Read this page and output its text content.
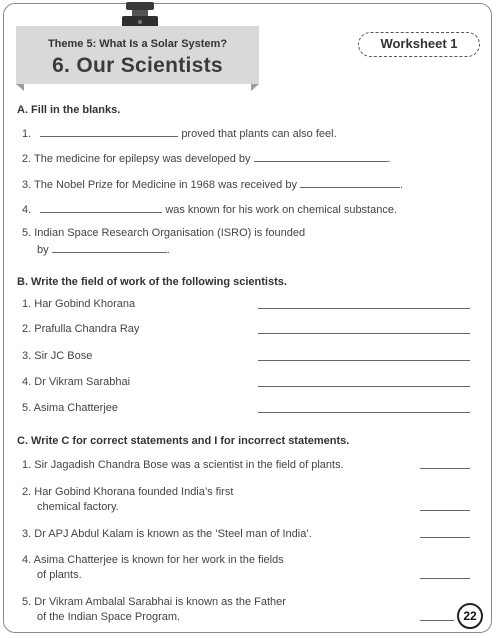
Theme 5: What Is a Solar System?
6. Our Scientists
Worksheet 1
A. Fill in the blanks.
1.	proved that plants can also feel.
2. The medicine for epilepsy was developed by	.
3. The Nobel Prize for Medicine in 1968 was received by	.
4.	was known for his work on chemical substance.
5. Indian Space Research Organisation (ISRO) is founded
by	.
B. Write the field of work of the following scientists.
1. Har Gobind Khorana
2. Prafulla Chandra Ray
3. Sir JC Bose
4. Dr Vikram Sarabhai
5. Asima Chatterjee
C. Write C for correct statements and I for incorrect statements.
1. Sir Jagadish Chandra Bose was a scientist in the field of plants.
2. Har Gobind Khorana founded India’s first
chemical factory.
3. Dr APJ Abdul Kalam is known as the ‘Steel man of India’.
4. Asima Chatterjee is known for her work in the fields
of plants.
5. Dr Vikram Ambalal Sarabhai is known as the Father
of the Indian Space Program.	22
